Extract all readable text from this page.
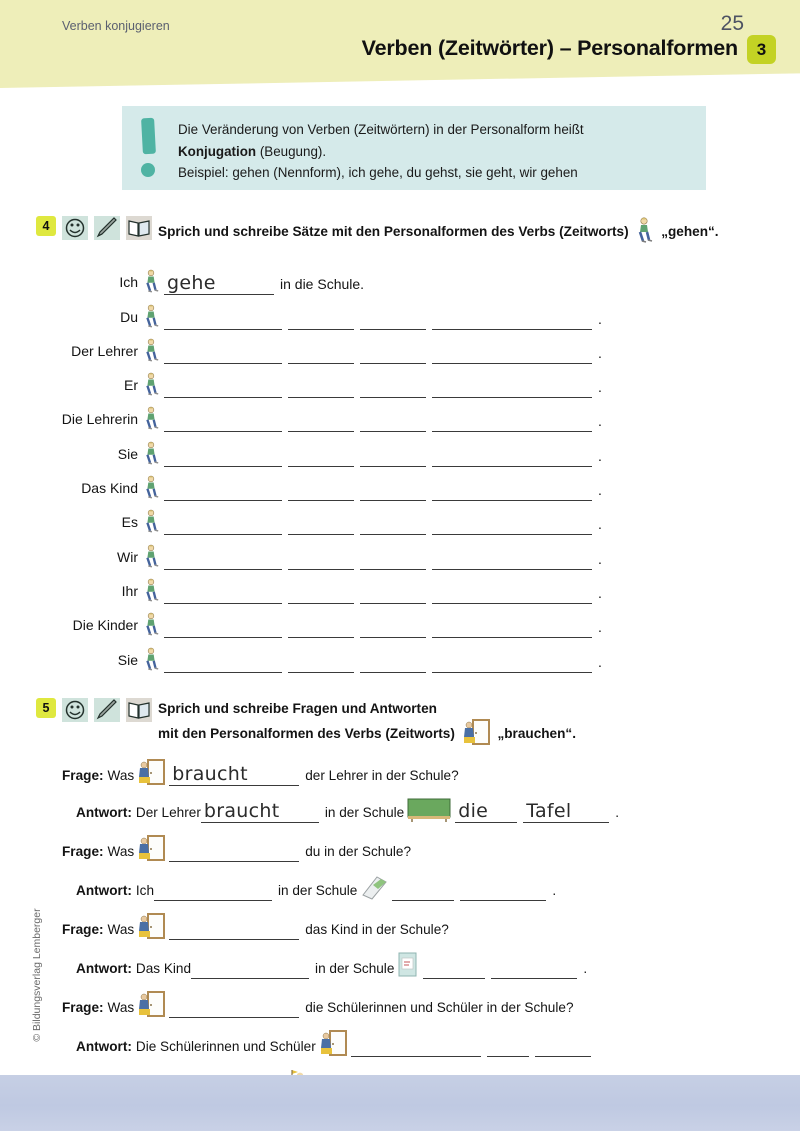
Verben (Zeitwörter) – Personalformen	3
Die Veränderung von Verben (Zeitwörtern) in der Personalform heißt
Konjugation (Beugung).
Beispiel: gehen (Nennform), ich gehe, du gehst, sie geht, wir gehen
4	Sprich und schreibe Sätze mit den Personalformen des Verbs (Zeitworts) „gehen“.
Ich gehe	in die Schule.
Du	.
Der Lehrer	.
Er	.
Die Lehrerin	.
Sie	.
Das Kind	.
Es	.
Wir	.
Ihr	.
Die Kinder	.
Sie	.
5	Sprich und schreibe Fragen und Antworten
mit den Personalformen des Verbs (Zeitworts)	„brauchen“.
Frage: Was braucht	der Lehrer in der Schule?
Antwort: Der Lehrer braucht	in der Schule	die Tafel	.
Frage: Was	du in der Schule?
Antwort: Ich	in der Schule	.
Frage: Was	das Kind in der Schule?
Antwort: Das Kind	in der Schule	.
Frage: Was	die Schülerinnen und Schüler in der Schule?
Antwort: Die Schülerinnen und Schüler
© Bildungsverlag Lemberger
Verben konjugieren	25
